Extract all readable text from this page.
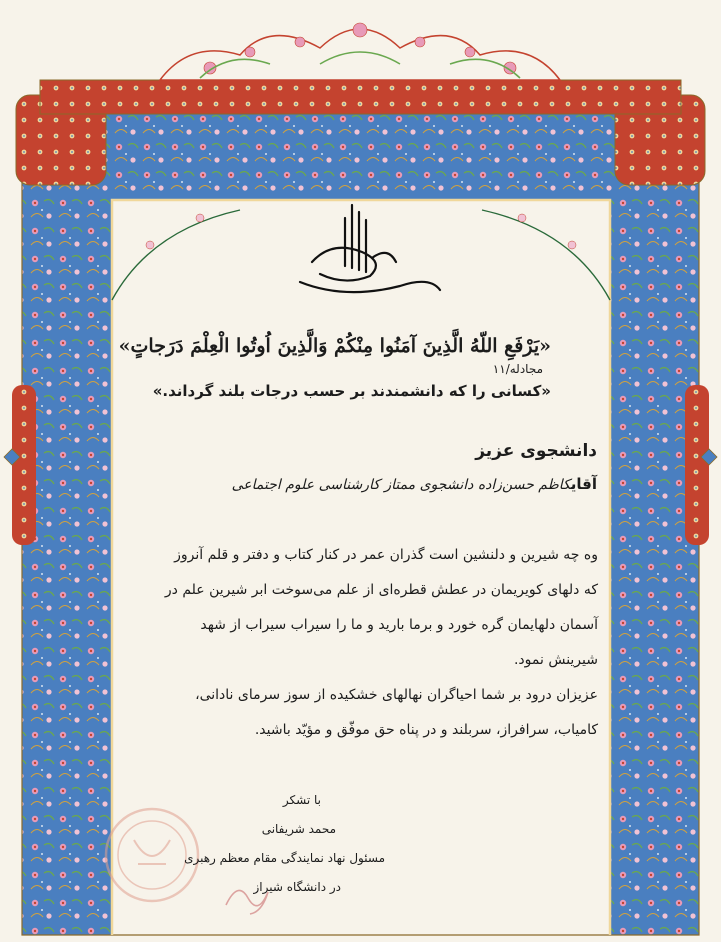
«یَرْفَعِ اللّهُ الَّذِینَ آمَنُوا مِنْکُمْ وَالَّذِینَ اُوتُوا الْعِلْمَ دَرَجاتٍ»
مجادله/۱۱
«کسانی را که دانشمندند بر حسب درجات بلند گرداند.»
دانشجوی عزیز
آقایکاظم حسن‌زاده دانشجوی ممتاز کارشناسی علوم اجتماعی
وه چه شیرین و دلنشین است گذران عمر در کنار کتاب و دفتر و قلم آنروز
که دلهای کویریمان در عطش قطره‌ای از علم می‌سوخت ابر شیرین علم در
آسمان دلهایمان گره خورد و برما بارید و ما را سیراب سیراب از شهد
شیرینش نمود.
عزیزان درود بر شما احیاگران نهالهای خشکیده از سوز سرمای نادانی،
کامیاب، سرافراز، سربلند و در پناه حق موفّق و مؤیّد باشید.
با تشکر
محمد شریفانی
مسئول نهاد نمایندگی مقام معظم رهبری
در دانشگاه شیراز
